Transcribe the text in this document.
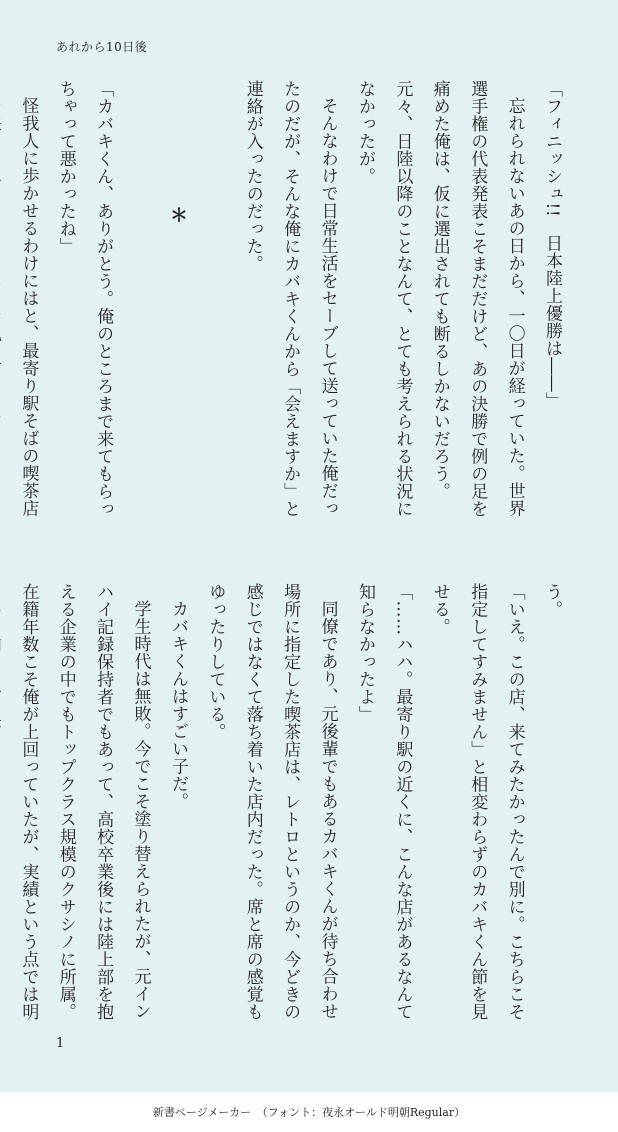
あれから10日後

「フィニッシュ!!　日本陸上優勝は――」

忘れられないあの日から、一〇日が経っていた。世界選手権の代表発表こそまだだけど、あの決勝で例の足を痛めた俺は、仮に選出されても断るしかないだろう。元々、日陸以降のことなんて、とても考えられる状況になかったが。

そんなわけで日常生活をセーブして送っていた俺だったのだが、そんな俺にカバキくんから「会えますか」と連絡が入ったのだった。

＊

「カバキくん、ありがとう。俺のところまで来てもらっちゃって悪かったね」

怪我人に歩かせるわけにはと、最寄り駅そばの喫茶店

う。

「いえ。この店、来てみたかったんで別に。こちらこそ指定してすみません」と相変わらずのカバキくん節を見せる。

「……ハハ。最寄り駅の近くに、こんな店があるなんて知らなかったよ」

同僚であり、元後輩でもあるカバキくんが待ち合わせ場所に指定した喫茶店は、レトロというのか、今どきの感じではなくて落ち着いた店内だった。席と席の感覚もゆったりしている。

カバキくんはすごい子だ。

学生時代は無敗。今でこそ塗り替えられたが、元インハイ記録保持者でもあって、高校卒業後には陸上部を抱える企業の中でもトップクラス規模のクサシノに所属。在籍年数こそ俺が上回っていたが、実績という点では明

1
新書ページメーカー　（フォント：夜永オールド明朝Regular）
